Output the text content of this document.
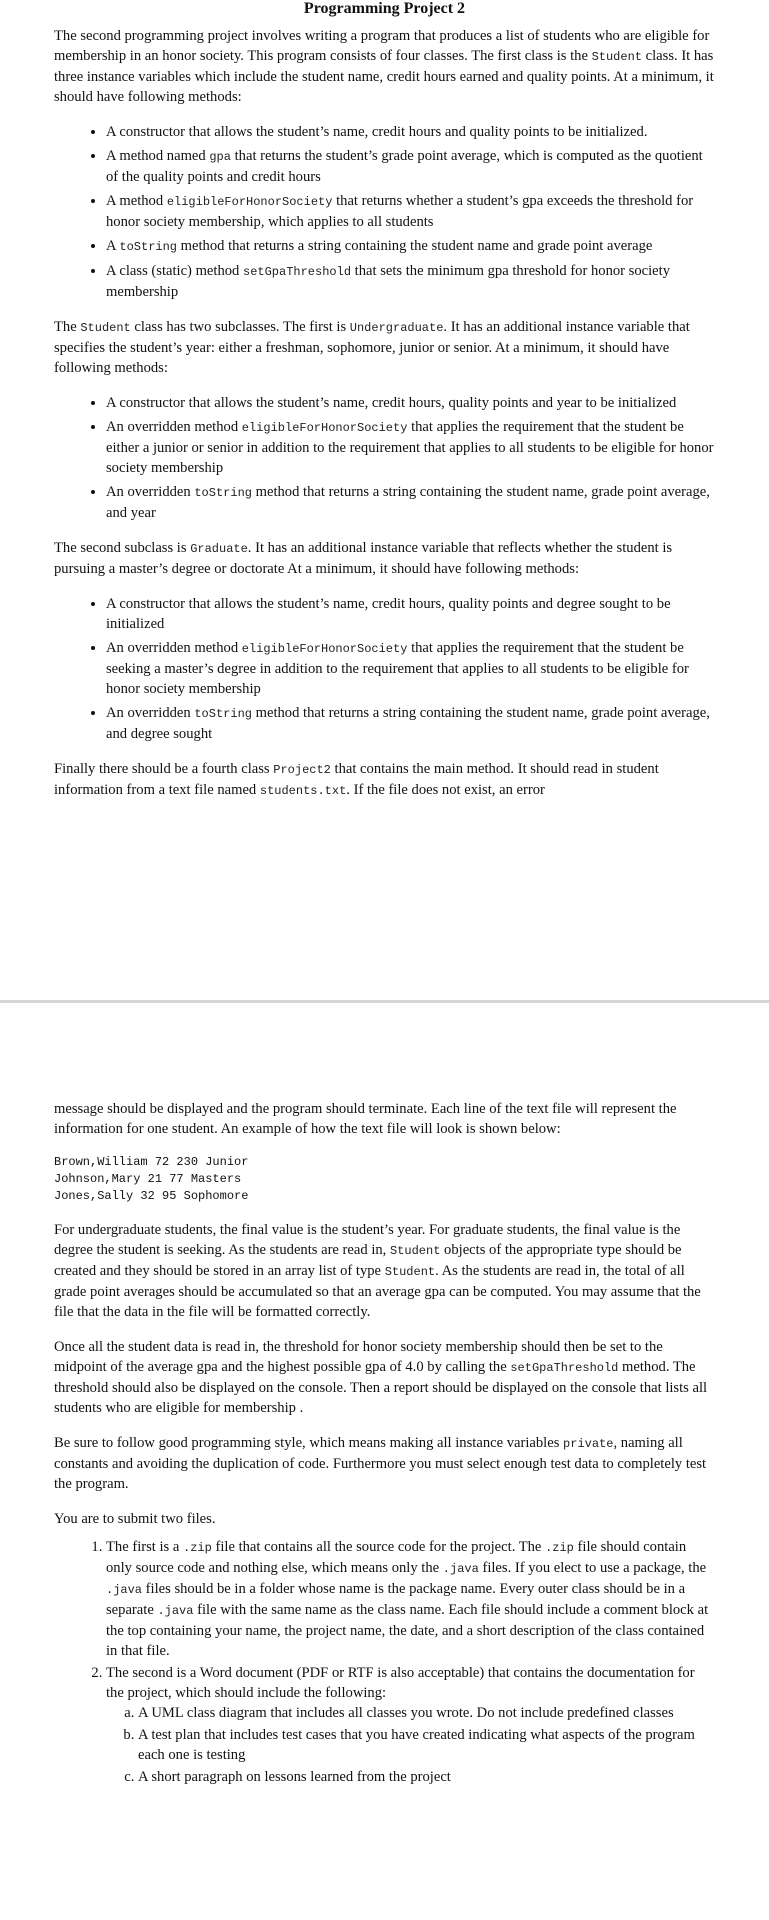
Programming Project 2

The second programming project involves writing a program that produces a list of students who are eligible for membership in an honor society. This program consists of four classes. The first class is the Student class. It has three instance variables which include the student name, credit hours earned and quality points. At a minimum, it should have following methods:

• A constructor that allows the student’s name, credit hours and quality points to be initialized.
• A method named gpa that returns the student’s grade point average, which is computed as the quotient of the quality points and credit hours
• A method eligibleForHonorSociety that returns whether a student’s gpa exceeds the threshold for honor society membership, which applies to all students
• A toString method that returns a string containing the student name and grade point average
• A class (static) method setGpaThreshold that sets the minimum gpa threshold for honor society membership

The Student class has two subclasses. The first is Undergraduate. It has an additional instance variable that specifies the student’s year: either a freshman, sophomore, junior or senior. At a minimum, it should have following methods:

• A constructor that allows the student’s name, credit hours, quality points and year to be initialized
• An overridden method eligibleForHonorSociety that applies the requirement that the student be either a junior or senior in addition to the requirement that applies to all students to be eligible for honor society membership
• An overridden toString method that returns a string containing the student name, grade point average, and year

The second subclass is Graduate. It has an additional instance variable that reflects whether the student is pursuing a master’s degree or doctorate At a minimum, it should have following methods:

• A constructor that allows the student’s name, credit hours, quality points and degree sought to be initialized
• An overridden method eligibleForHonorSociety that applies the requirement that the student be seeking a master’s degree in addition to the requirement that applies to all students to be eligible for honor society membership
• An overridden toString method that returns a string containing the student name, grade point average, and degree sought

Finally there should be a fourth class Project2 that contains the main method. It should read in student information from a text file named students.txt. If the file does not exist, an error

message should be displayed and the program should terminate. Each line of the text file will represent the information for one student. An example of how the text file will look is shown below:

Brown,William 72 230 Junior
Johnson,Mary 21 77 Masters
Jones,Sally 32 95 Sophomore

For undergraduate students, the final value is the student’s year. For graduate students, the final value is the degree the student is seeking. As the students are read in, Student objects of the appropriate type should be created and they should be stored in an array list of type Student. As the students are read in, the total of all grade point averages should be accumulated so that an average gpa can be computed. You may assume that the file that the data in the file will be formatted correctly.

Once all the student data is read in, the threshold for honor society membership should then be set to the midpoint of the average gpa and the highest possible gpa of 4.0 by calling the setGpaThreshold method. The threshold should also be displayed on the console. Then a report should be displayed on the console that lists all students who are eligible for membership .

Be sure to follow good programming style, which means making all instance variables private, naming all constants and avoiding the duplication of code. Furthermore you must select enough test data to completely test the program.

You are to submit two files.

1. The first is a .zip file that contains all the source code for the project. The .zip file should contain only source code and nothing else, which means only the .java files. If you elect to use a package, the .java files should be in a folder whose name is the package name. Every outer class should be in a separate .java file with the same name as the class name. Each file should include a comment block at the top containing your name, the project name, the date, and a short description of the class contained in that file.
2. The second is a Word document (PDF or RTF is also acceptable) that contains the documentation for the project, which should include the following:
a. A UML class diagram that includes all classes you wrote. Do not include predefined classes
b. A test plan that includes test cases that you have created indicating what aspects of the program each one is testing
c. A short paragraph on lessons learned from the project
